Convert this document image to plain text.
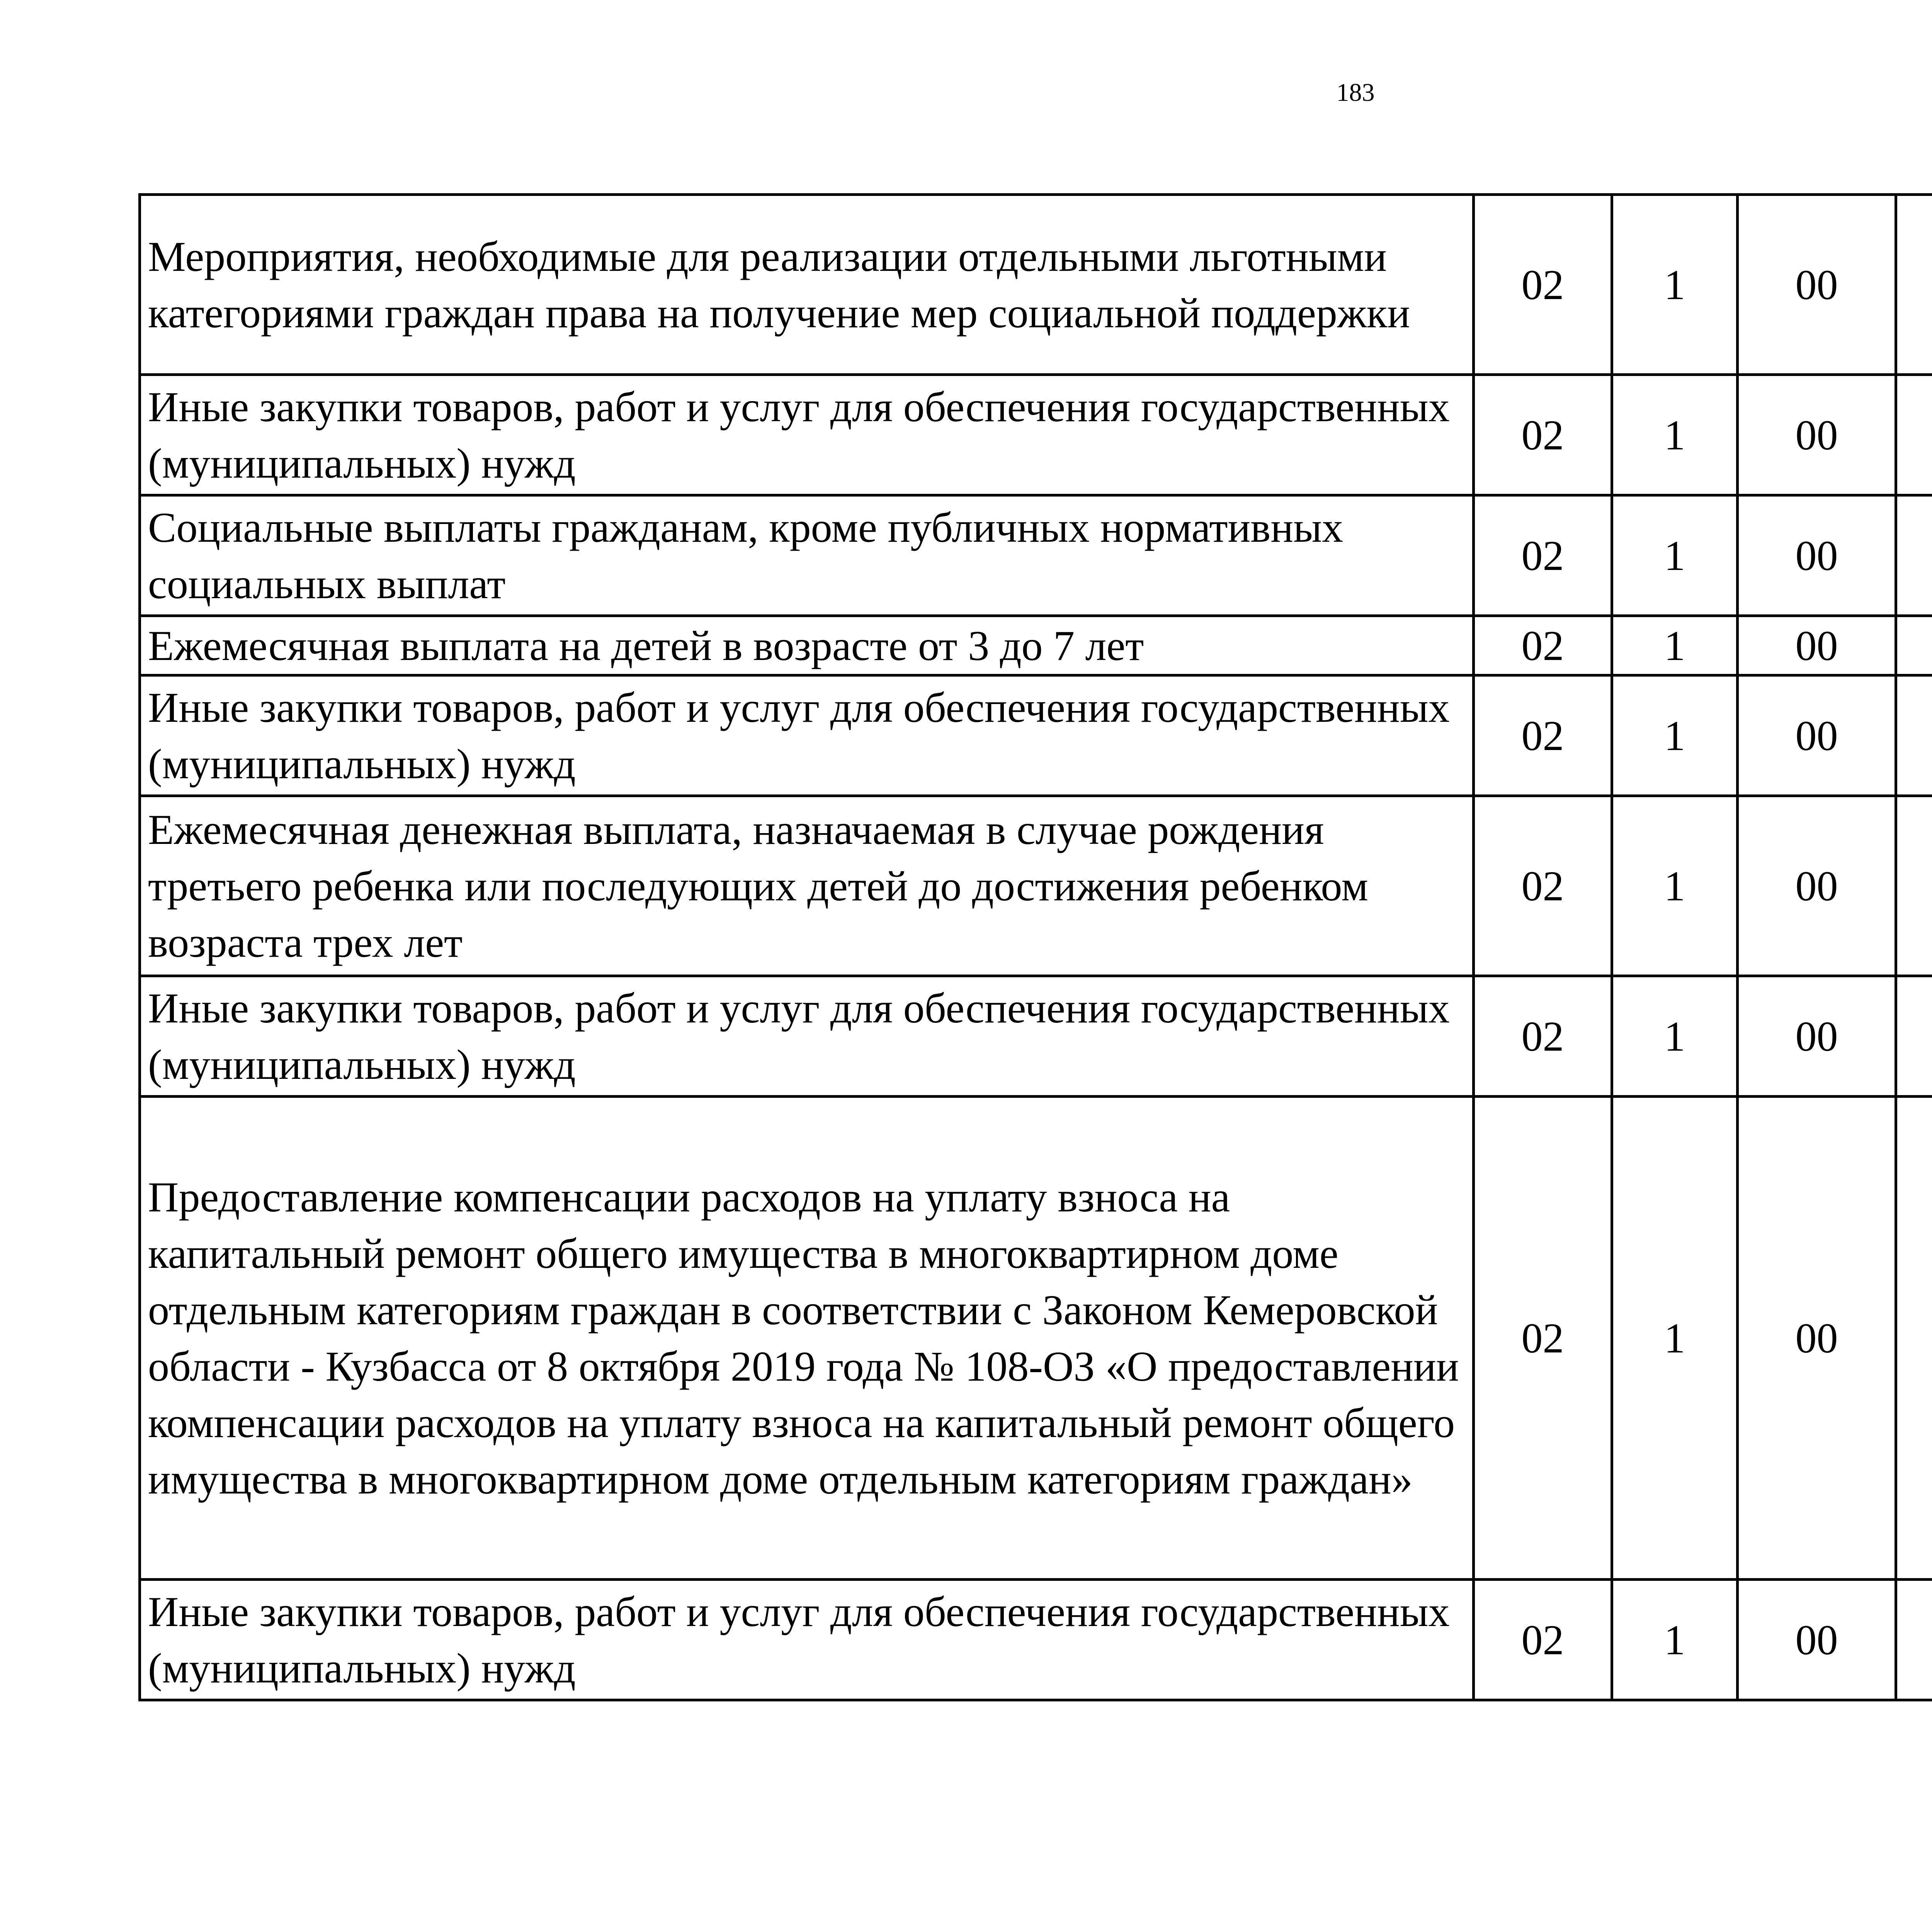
183
Мероприятия, необходимые для реализации отдельными льготными категориями граждан права на получение мер социальной поддержки	02	1	00			
Иные закупки товаров, работ и услуг для обеспечения государственных (муниципальных) нужд	02	1	00			
Социальные выплаты гражданам, кроме публичных нормативных социальных выплат	02	1	00			
Ежемесячная выплата на детей в возрасте от 3 до 7 лет	02	1	00			
Иные закупки товаров, работ и услуг для обеспечения государственных (муниципальных) нужд	02	1	00			
Ежемесячная денежная выплата, назначаемая в случае рождения третьего ребенка или последующих детей до достижения ребенком возраста трех лет	02	1	00			
Иные закупки товаров, работ и услуг для обеспечения государственных (муниципальных) нужд	02	1	00			
Предоставление компенсации расходов на уплату взноса на капитальный ремонт общего имущества в многоквартирном доме отдельным категориям граждан в соответствии с Законом Кемеровской области - Кузбасса от 8 октября 2019 года № 108-ОЗ «О предоставлении компенсации расходов на уплату взноса на капитальный ремонт общего имущества в многоквартирном доме отдельным категориям граждан»	02	1	00			
Иные закупки товаров, работ и услуг для обеспечения государственных (муниципальных) нужд	02	1	00			
